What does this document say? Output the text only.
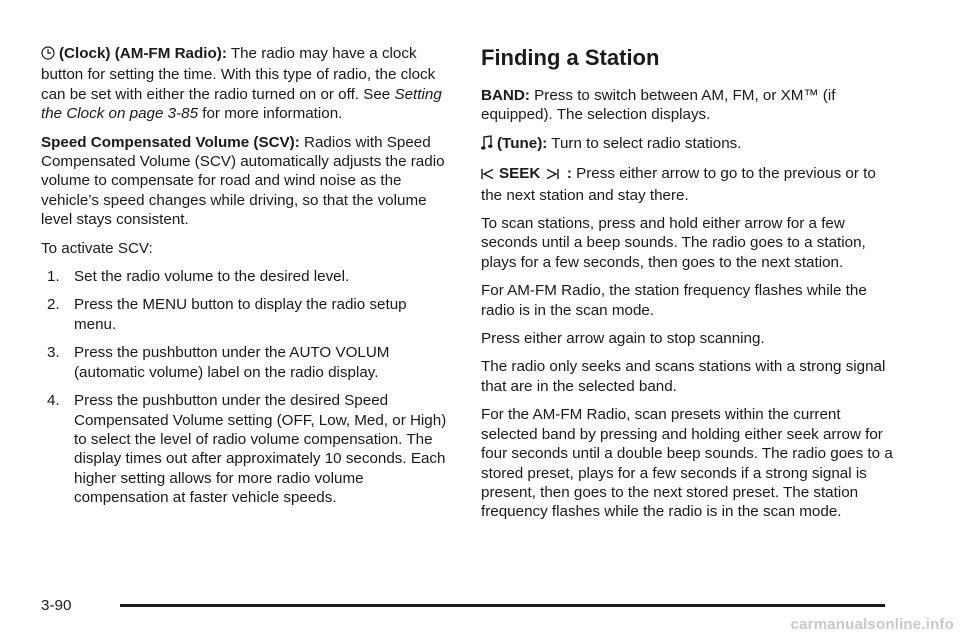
(Clock) (AM-FM Radio): The radio may have a clock button for setting the time. With this type of radio, the clock can be set with either the radio turned on or off. See Setting the Clock on page 3-85 for more information.

Speed Compensated Volume (SCV): Radios with Speed Compensated Volume (SCV) automatically adjusts the radio volume to compensate for road and wind noise as the vehicle’s speed changes while driving, so that the volume level stays consistent.

To activate SCV:

1. Set the radio volume to the desired level.
2. Press the MENU button to display the radio setup menu.
3. Press the pushbutton under the AUTO VOLUM (automatic volume) label on the radio display.
4. Press the pushbutton under the desired Speed Compensated Volume setting (OFF, Low, Med, or High) to select the level of radio volume compensation. The display times out after approximately 10 seconds. Each higher setting allows for more radio volume compensation at faster vehicle speeds.
Finding a Station

BAND: Press to switch between AM, FM, or XM™ (if equipped). The selection displays.

(Tune): Turn to select radio stations.

SEEK  : Press either arrow to go to the previous or to the next station and stay there.

To scan stations, press and hold either arrow for a few seconds until a beep sounds. The radio goes to a station, plays for a few seconds, then goes to the next station.

For AM-FM Radio, the station frequency flashes while the radio is in the scan mode.

Press either arrow again to stop scanning.

The radio only seeks and scans stations with a strong signal that are in the selected band.

For the AM-FM Radio, scan presets within the current selected band by pressing and holding either seek arrow for four seconds until a double beep sounds. The radio goes to a stored preset, plays for a few seconds if a strong signal is present, then goes to the next stored preset. The station frequency flashes while the radio is in the scan mode.

3-90
carmanualsonline.info
